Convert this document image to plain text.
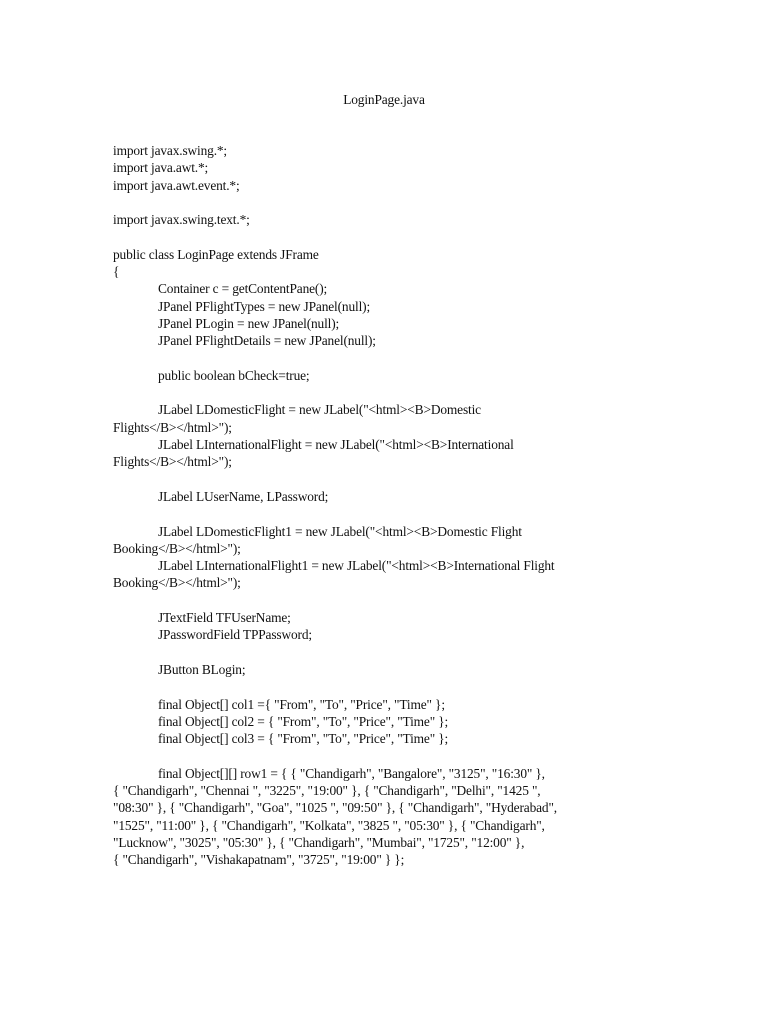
LoginPage.java
import javax.swing.*;
import java.awt.*;
import java.awt.event.*;
import javax.swing.text.*;
public class LoginPage extends JFrame
{
Container c = getContentPane();
JPanel PFlightTypes = new JPanel(null);
JPanel PLogin = new JPanel(null);
JPanel PFlightDetails = new JPanel(null);
public boolean bCheck=true;
JLabel LDomesticFlight = new JLabel("<html><B>Domestic
Flights</B></html>");
JLabel LInternationalFlight = new JLabel("<html><B>International
Flights</B></html>");
JLabel LUserName, LPassword;
JLabel LDomesticFlight1 = new JLabel("<html><B>Domestic Flight
Booking</B></html>");
JLabel LInternationalFlight1 = new JLabel("<html><B>International Flight
Booking</B></html>");
JTextField TFUserName;
JPasswordField TPPassword;
JButton BLogin;
final Object[] col1 ={ "From", "To", "Price", "Time" };
final Object[] col2 = { "From", "To", "Price", "Time" };
final Object[] col3 = { "From", "To", "Price", "Time" };
final Object[][] row1 = { { "Chandigarh", "Bangalore", "3125", "16:30" },
{ "Chandigarh", "Chennai ", "3225", "19:00" }, { "Chandigarh", "Delhi", "1425 ",
"08:30" }, { "Chandigarh", "Goa", "1025 ", "09:50" }, { "Chandigarh", "Hyderabad",
"1525", "11:00" }, { "Chandigarh", "Kolkata", "3825 ", "05:30" }, { "Chandigarh",
"Lucknow", "3025", "05:30" }, { "Chandigarh", "Mumbai", "1725", "12:00" },
{ "Chandigarh", "Vishakapatnam", "3725", "19:00" } };
